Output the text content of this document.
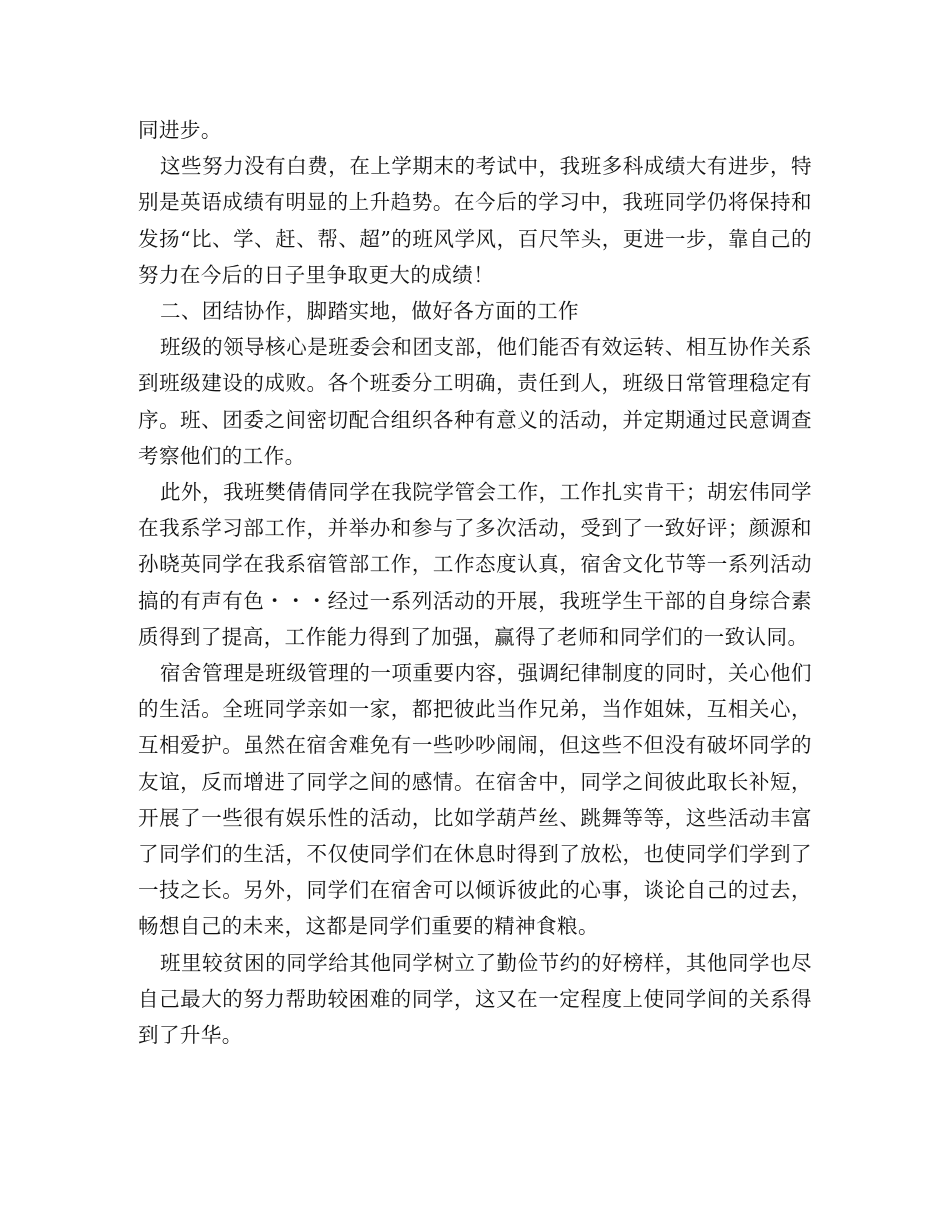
同进步。

这些努力没有白费，在上学期末的考试中，我班多科成绩大有进步，特别是英语成绩有明显的上升趋势。在今后的学习中，我班同学仍将保持和发扬“比、学、赶、帮、超”的班风学风，百尺竿头，更进一步，靠自己的努力在今后的日子里争取更大的成绩！

二、团结协作，脚踏实地，做好各方面的工作

班级的领导核心是班委会和团支部，他们能否有效运转、相互协作关系到班级建设的成败。各个班委分工明确，责任到人，班级日常管理稳定有序。班、团委之间密切配合组织各种有意义的活动，并定期通过民意调查考察他们的工作。

此外，我班樊倩倩同学在我院学管会工作，工作扎实肯干；胡宏伟同学在我系学习部工作，并举办和参与了多次活动，受到了一致好评；颜源和孙晓英同学在我系宿管部工作，工作态度认真，宿舍文化节等一系列活动搞的有声有色・・・经过一系列活动的开展，我班学生干部的自身综合素质得到了提高，工作能力得到了加强，赢得了老师和同学们的一致认同。

宿舍管理是班级管理的一项重要内容，强调纪律制度的同时，关心他们的生活。全班同学亲如一家，都把彼此当作兄弟，当作姐妹，互相关心，互相爱护。虽然在宿舍难免有一些吵吵闹闹，但这些不但没有破坏同学的友谊，反而增进了同学之间的感情。在宿舍中，同学之间彼此取长补短，开展了一些很有娱乐性的活动，比如学葫芦丝、跳舞等等，这些活动丰富了同学们的生活，不仅使同学们在休息时得到了放松，也使同学们学到了一技之长。另外，同学们在宿舍可以倾诉彼此的心事，谈论自己的过去，畅想自己的未来，这都是同学们重要的精神食粮。

班里较贫困的同学给其他同学树立了勤俭节约的好榜样，其他同学也尽自己最大的努力帮助较困难的同学，这又在一定程度上使同学间的关系得到了升华。
